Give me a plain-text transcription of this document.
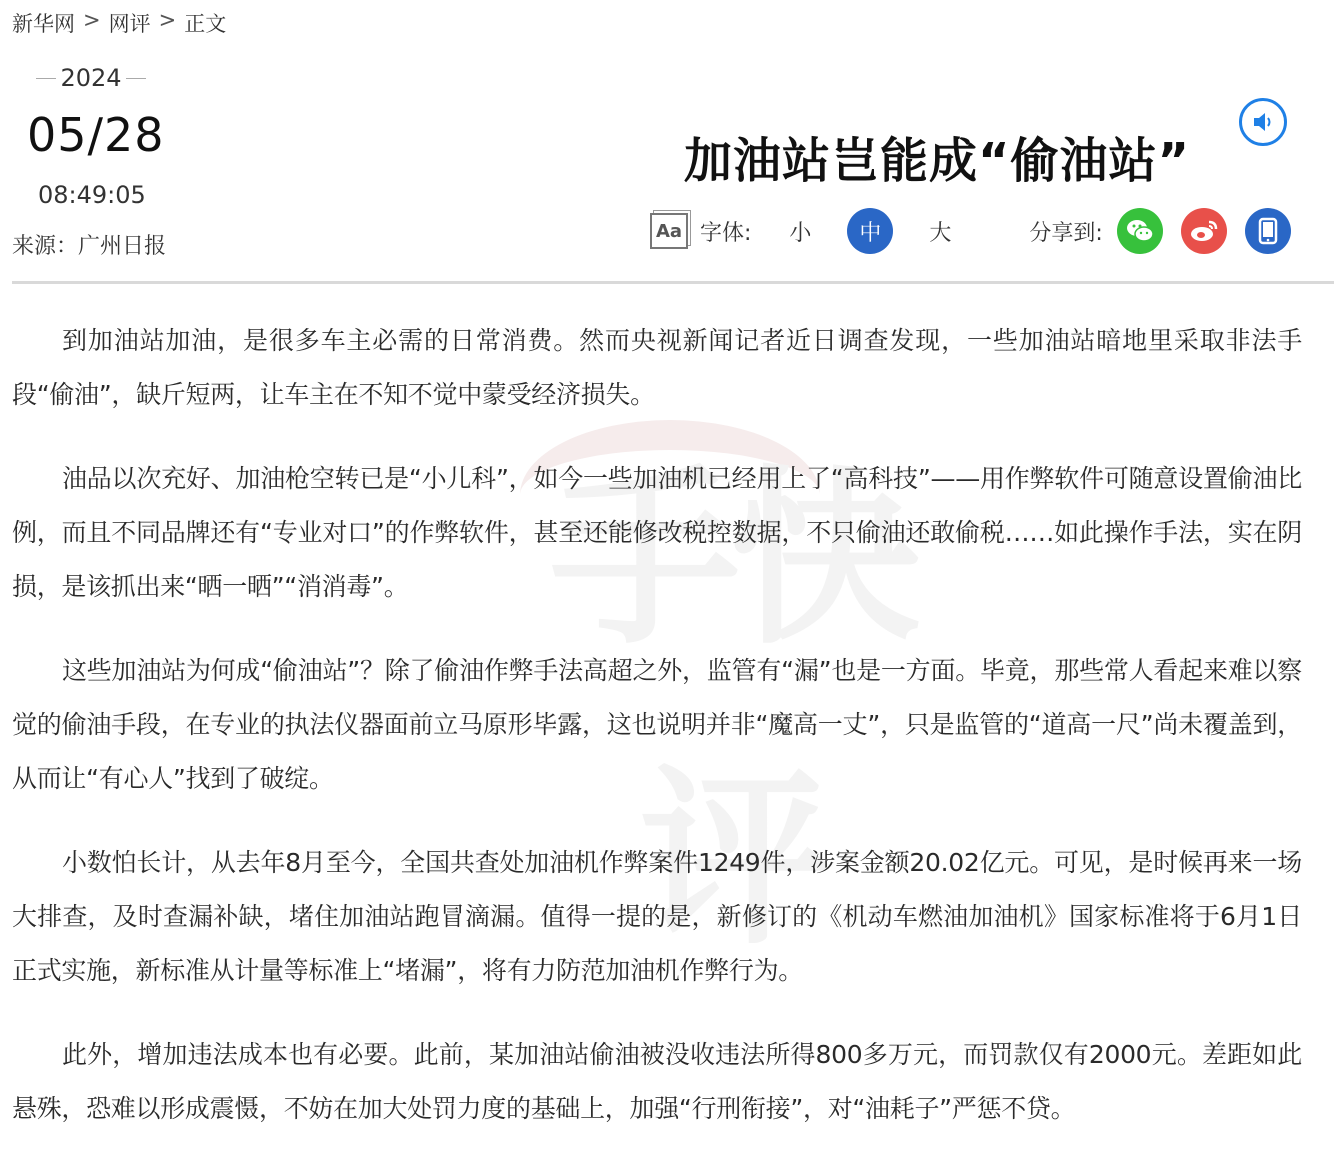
手快评
新华网 > 网评 > 正文
2024
05/28
08:49:05
来源： 广州日报
加油站岂能成“偷油站”
Aa 字体:	小	中	大	分享到:

到加油站加油，是很多车主必需的日常消费。然而央视新闻记者近日调查发现，一些加油站暗地里采取非法手段“偷油”，缺斤短两，让车主在不知不觉中蒙受经济损失。

油品以次充好、加油枪空转已是“小儿科”，如今一些加油机已经用上了“高科技”——用作弊软件可随意设置偷油比例，而且不同品牌还有“专业对口”的作弊软件，甚至还能修改税控数据，不只偷油还敢偷税……如此操作手法，实在阴损，是该抓出来“晒一晒”“消消毒”。

这些加油站为何成“偷油站”？除了偷油作弊手法高超之外，监管有“漏”也是一方面。毕竟，那些常人看起来难以察觉的偷油手段，在专业的执法仪器面前立马原形毕露，这也说明并非“魔高一丈”，只是监管的“道高一尺”尚未覆盖到，从而让“有心人”找到了破绽。

小数怕长计，从去年8月至今，全国共查处加油机作弊案件1249件，涉案金额20.02亿元。可见，是时候再来一场大排查，及时查漏补缺，堵住加油站跑冒滴漏。值得一提的是，新修订的《机动车燃油加油机》国家标准将于6月1日正式实施，新标准从计量等标准上“堵漏”，将有力防范加油机作弊行为。

此外，增加违法成本也有必要。此前，某加油站偷油被没收违法所得800多万元，而罚款仅有2000元。差距如此悬殊，恐难以形成震慑，不妨在加大处罚力度的基础上，加强“行刑衔接”，对“油耗子”严惩不贷。
